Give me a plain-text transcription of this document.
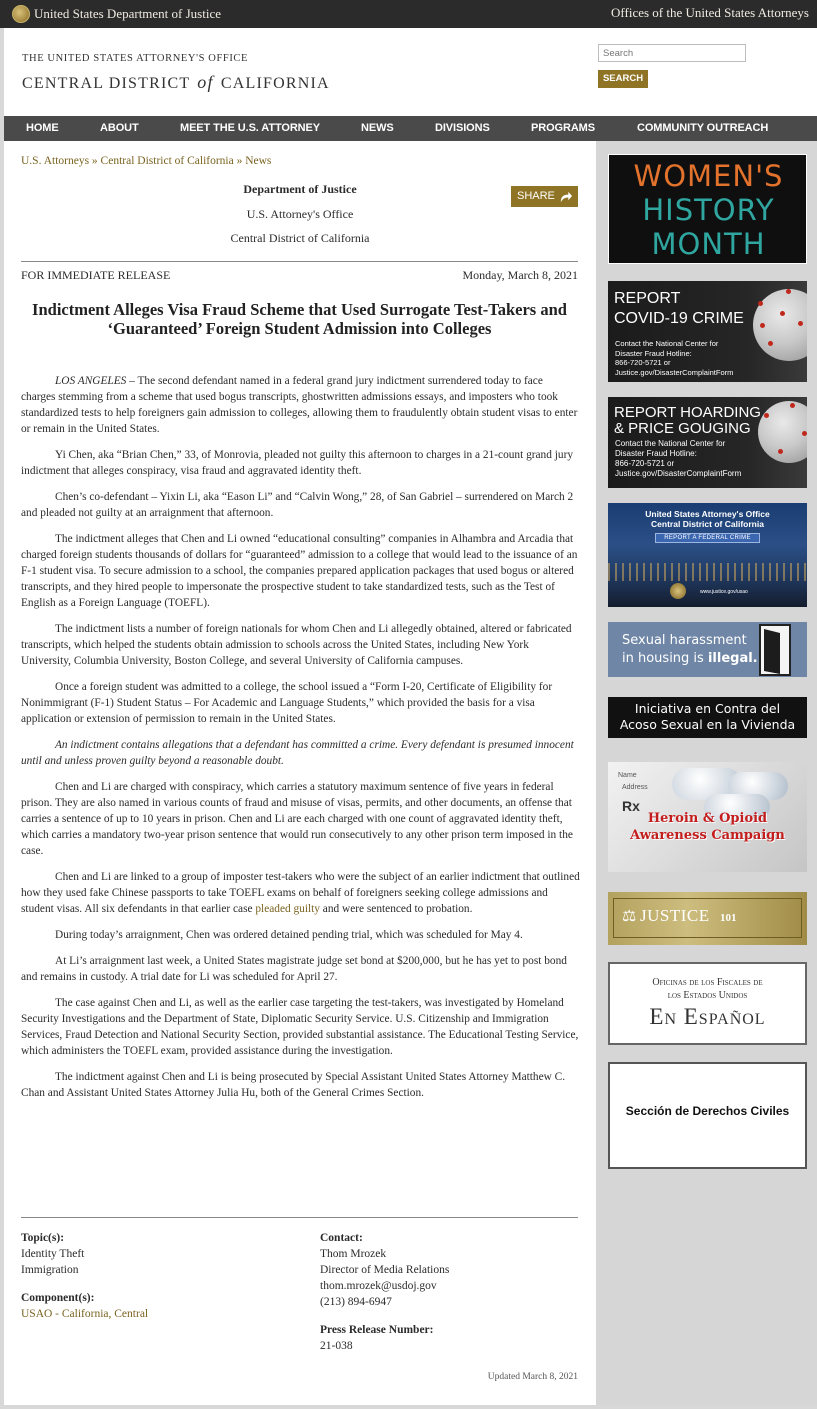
United States Department of Justice	Offices of the United States Attorneys
THE UNITED STATES ATTORNEY'S OFFICE
CENTRAL DISTRICT of CALIFORNIA
Search	SEARCH
HOME	ABOUT	MEET THE U.S. ATTORNEY	NEWS	DIVISIONS	PROGRAMS	COMMUNITY OUTREACH
U.S. Attorneys » Central District of California » News
Department of Justice
U.S. Attorney's Office
Central District of California
SHARE
FOR IMMEDIATE RELEASE	Monday, March 8, 2021
Indictment Alleges Visa Fraud Scheme that Used Surrogate Test-Takers and ‘Guaranteed’ Foreign Student Admission into Colleges

LOS ANGELES – The second defendant named in a federal grand jury indictment surrendered today to face charges stemming from a scheme that used bogus transcripts, ghostwritten admissions essays, and imposters who took standardized tests to help foreigners gain admission to colleges, allowing them to fraudulently obtain student visas to enter or remain in the United States.

Yi Chen, aka “Brian Chen,” 33, of Monrovia, pleaded not guilty this afternoon to charges in a 21-count grand jury indictment that alleges conspiracy, visa fraud and aggravated identity theft.

Chen’s co-defendant – Yixin Li, aka “Eason Li” and “Calvin Wong,” 28, of San Gabriel – surrendered on March 2 and pleaded not guilty at an arraignment that afternoon.

The indictment alleges that Chen and Li owned “educational consulting” companies in Alhambra and Arcadia that charged foreign students thousands of dollars for “guaranteed” admission to a college that would lead to the issuance of an F-1 student visa. To secure admission to a school, the companies prepared application packages that used bogus or altered transcripts, and they hired people to impersonate the prospective student to take standardized tests, such as the Test of English as a Foreign Language (TOEFL).

The indictment lists a number of foreign nationals for whom Chen and Li allegedly obtained, altered or fabricated transcripts, which helped the students obtain admission to schools across the United States, including New York University, Columbia University, Boston College, and several University of California campuses.

Once a foreign student was admitted to a college, the school issued a “Form I-20, Certificate of Eligibility for Nonimmigrant (F-1) Student Status – For Academic and Language Students,” which provided the basis for a visa application or extension of permission to remain in the United States.

An indictment contains allegations that a defendant has committed a crime. Every defendant is presumed innocent until and unless proven guilty beyond a reasonable doubt.

Chen and Li are charged with conspiracy, which carries a statutory maximum sentence of five years in federal prison. They are also named in various counts of fraud and misuse of visas, permits, and other documents, an offense that carries a sentence of up to 10 years in prison. Chen and Li are each charged with one count of aggravated identity theft, which carries a mandatory two-year prison sentence that would run consecutively to any other prison term imposed in the case.

Chen and Li are linked to a group of imposter test-takers who were the subject of an earlier indictment that outlined how they used fake Chinese passports to take TOEFL exams on behalf of foreigners seeking college admissions and student visas. All six defendants in that earlier case pleaded guilty and were sentenced to probation.

During today’s arraignment, Chen was ordered detained pending trial, which was scheduled for May 4.

At Li’s arraignment last week, a United States magistrate judge set bond at $200,000, but he has yet to post bond and remains in custody. A trial date for Li was scheduled for April 27.

The case against Chen and Li, as well as the earlier case targeting the test-takers, was investigated by Homeland Security Investigations and the Department of State, Diplomatic Security Service. U.S. Citizenship and Immigration Services, Fraud Detection and National Security Section, provided substantial assistance. The Educational Testing Service, which administers the TOEFL exam, provided assistance during the investigation.

The indictment against Chen and Li is being prosecuted by Special Assistant United States Attorney Matthew C. Chan and Assistant United States Attorney Julia Hu, both of the General Crimes Section.

Topic(s):
Identity Theft
Immigration
Component(s):
USAO - California, Central
Contact:
Thom Mrozek
Director of Media Relations
thom.mrozek@usdoj.gov
(213) 894-6947
Press Release Number:
21-038
Updated March 8, 2021
WOMEN'S
HISTORY
MONTH
REPORT
COVID-19 CRIME
Contact the National Center for
Disaster Fraud Hotline:
866-720-5721 or
Justice.gov/DisasterComplaintForm
REPORT HOARDING
& PRICE GOUGING
Contact the National Center for
Disaster Fraud Hotline:
866-720-5721 or
Justice.gov/DisasterComplaintForm
United States Attorney's Office
Central District of California
REPORT A FEDERAL CRIME
www.justice.gov/usao
Sexual harassment
in housing is illegal.
Iniciativa en Contra del
Acoso Sexual en la Vivienda
Name
Address
Rx
Heroin & Opioid
Awareness Campaign
⚖ JUSTICE 101
Oficinas de los Fiscales de
los Estados Unidos
En Español
Sección de Derechos Civiles
